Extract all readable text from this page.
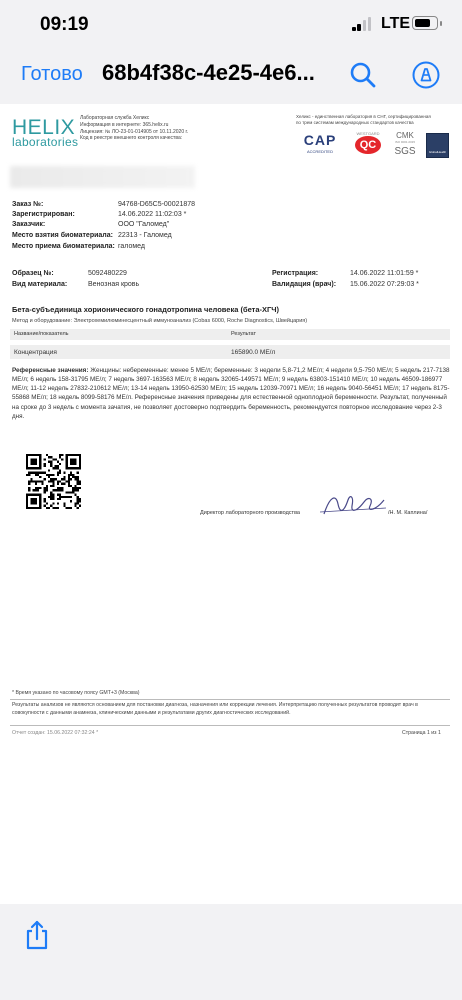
09:19	LTE
Готово 68b4f38c-4e25-4e6...
HELIX
laboratories
Лабораторная служба Хеликс
Информация в интернете: 365.helix.ru
Лицензия: № ЛО-23-01-014905 от 10.11.2020 г.
Код в реестре внешнего контроля качества:
Хеликс - единственная лаборатория в СНГ, сертифицированная
по трем системам международных стандартов качества
CAP
ACCREDITED
WESTGARD
QC
CMK
ISO 9001:2015
SGS	GlobalHealth
Заказ №:	94768-D65C5-00021878
Зарегистрирован:	14.06.2022 11:02:03 *
Заказчик:	ООО "Галомед"
Место взятия биоматериала: 22313 - Галомед
Место приема биоматериала: галомед
Образец №:	5092480229
Вид материала:	Венозная кровь
Регистрация:	14.06.2022 11:01:59 *
Валидация (врач): 15.06.2022 07:29:03 *
Бета-субъединица хорионического гонадотропина человека (бета-ХГЧ)
Метод и оборудование: Электрохемилюминесцентный иммуноанализ (Cobas 6000, Roche Diagnostics, Швейцария)
Название/показатель	Результат
Концентрация	165890.0 МЕ/л
Референсные значения: Женщины: небеременные: менее 5 МЕ/л; беременные: 3 недели 5,8-71,2 МЕ/л; 4 недели 9,5-750 МЕ/л; 5 недель 217-7138 МЕ/л; 6 недель 158-31795 МЕ/л; 7 недель 3697-163563 МЕ/л; 8 недель 32065-149571 МЕ/л; 9 недель 63803-151410 МЕ/л; 10 недель 46509-186977 МЕ/л; 11-12 недель 27832-210612 МЕ/л; 13-14 недель 13950-62530 МЕ/л; 15 недель 12039-70971 МЕ/л; 16 недель 9040-56451 МЕ/л; 17 недель 8175-55868 МЕ/л; 18 недель 8099-58176 МЕ/л. Референсные значения приведены для естественной одноплодной беременности. Результат, полученный на сроке до 3 недель с момента зачатия, не позволяет достоверно подтвердить беременность, рекомендуется повторное исследование через 2-3 дня.
Директор лабораторного производства	/Н. М. Каплина/
* Время указано по часовому поясу GMT+3 (Москва)
Результаты анализов не являются основанием для постановки диагноза, назначения или коррекции лечения. Интерпретацию полученных результатов проводит врач в совокупности с данными анамнеза, клиническими данными и результатами других диагностических исследований.
Отчет создан: 15.06.2022 07:32:24 *	Страница 1 из 1
